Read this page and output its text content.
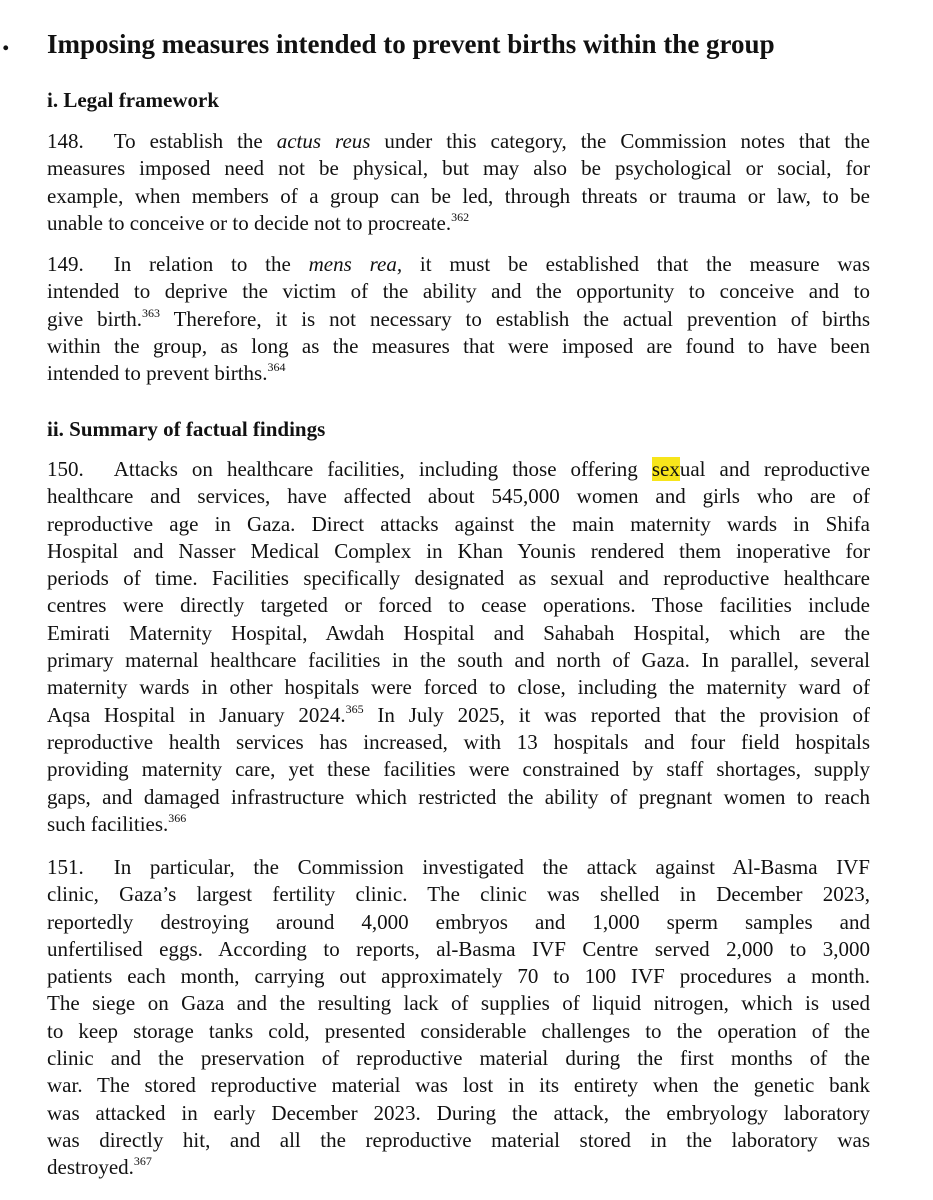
. Imposing measures intended to prevent births within the group
i. Legal framework
148. To establish the actus reus under this category, the Commission notes that the
measures imposed need not be physical, but may also be psychological or social, for
example, when members of a group can be led, through threats or trauma or law, to be
unable to conceive or to decide not to procreate.$^{362}$
149. In relation to the mens rea, it must be established that the measure was
intended to deprive the victim of the ability and the opportunity to conceive and to
give birth.$^{363}$ Therefore, it is not necessary to establish the actual prevention of births
within the group, as long as the measures that were imposed are found to have been
intended to prevent births.$^{364}$
ii. Summary of factual findings
150. Attacks on healthcare facilities, including those offering sexual and reproductive
healthcare and services, have affected about 545,000 women and girls who are of
reproductive age in Gaza. Direct attacks against the main maternity wards in Shifa
Hospital and Nasser Medical Complex in Khan Younis rendered them inoperative for
periods of time. Facilities specifically designated as sexual and reproductive healthcare
centres were directly targeted or forced to cease operations. Those facilities include
Emirati Maternity Hospital, Awdah Hospital and Sahabah Hospital, which are the
primary maternal healthcare facilities in the south and north of Gaza. In parallel, several
maternity wards in other hospitals were forced to close, including the maternity ward of
Aqsa Hospital in January 2024.$^{365}$ In July 2025, it was reported that the provision of
reproductive health services has increased, with 13 hospitals and four field hospitals
providing maternity care, yet these facilities were constrained by staff shortages, supply
gaps, and damaged infrastructure which restricted the ability of pregnant women to reach
such facilities.$^{366}$
151. In particular, the Commission investigated the attack against Al-Basma IVF
clinic, Gaza’s largest fertility clinic. The clinic was shelled in December 2023,
reportedly destroying around 4,000 embryos and 1,000 sperm samples and
unfertilised eggs. According to reports, al-Basma IVF Centre served 2,000 to 3,000
patients each month, carrying out approximately 70 to 100 IVF procedures a month.
The siege on Gaza and the resulting lack of supplies of liquid nitrogen, which is used
to keep storage tanks cold, presented considerable challenges to the operation of the
clinic and the preservation of reproductive material during the first months of the
war. The stored reproductive material was lost in its entirety when the genetic bank
was attacked in early December 2023. During the attack, the embryology laboratory
was directly hit, and all the reproductive material stored in the laboratory was
destroyed.$^{367}$
